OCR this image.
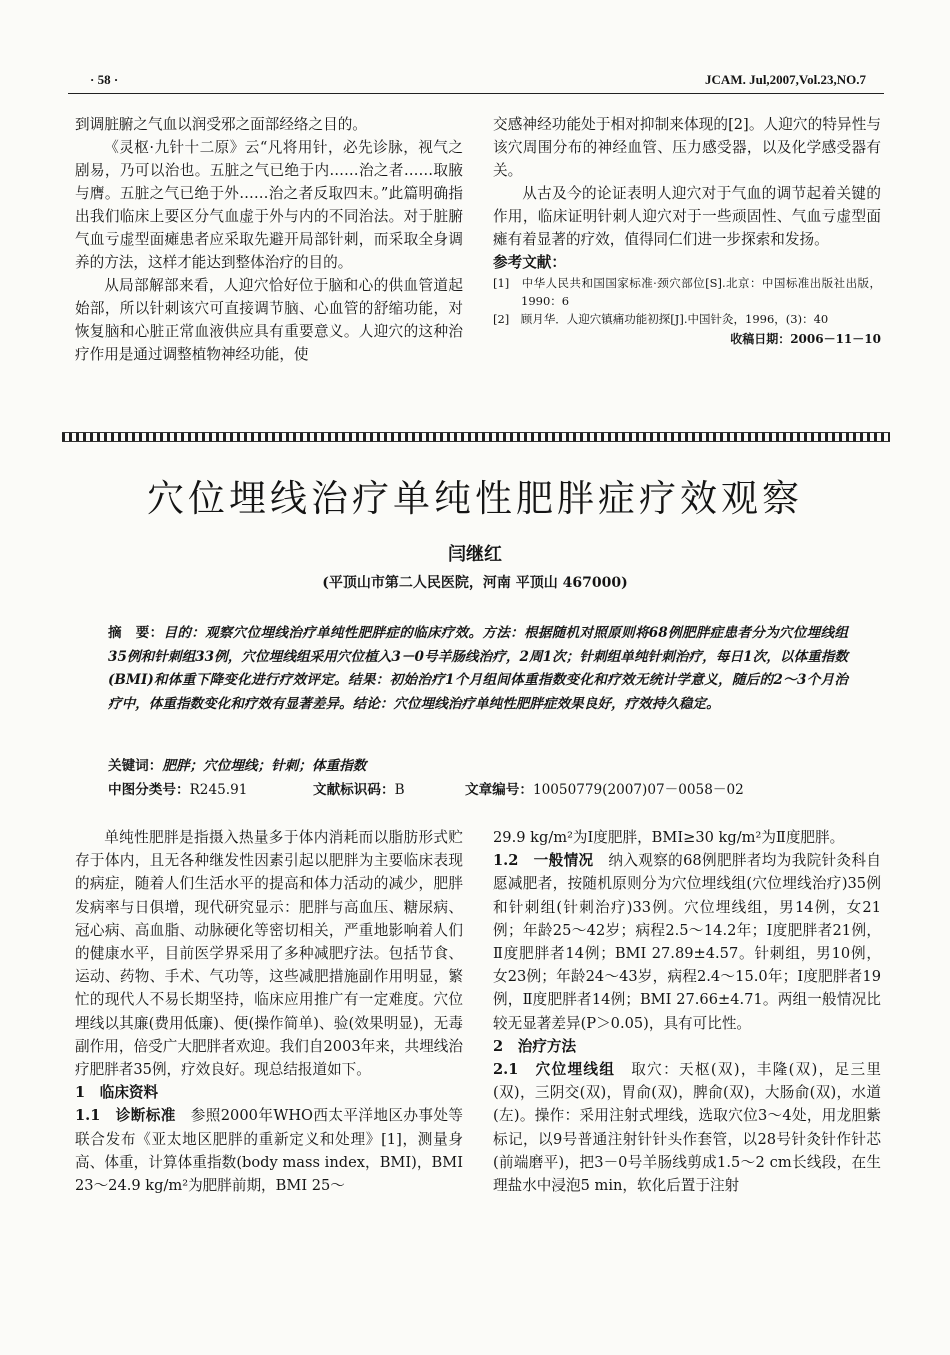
· 58 ·	JCAM. Jul,2007,Vol.23,NO.7

到调脏腑之气血以润受邪之面部经络之目的。

《灵枢·九针十二原》云“凡将用针，必先诊脉，视气之剧易，乃可以治也。五脏之气已绝于内……治之者……取腋与膺。五脏之气已绝于外……治之者反取四末。”此篇明确指出我们临床上要区分气血虚于外与内的不同治法。对于脏腑气血亏虚型面瘫患者应采取先避开局部针刺，而采取全身调养的方法，这样才能达到整体治疗的目的。

从局部解部来看，人迎穴恰好位于脑和心的供血管道起始部，所以针刺该穴可直接调节脑、心血管的舒缩功能，对恢复脑和心脏正常血液供应具有重要意义。人迎穴的这种治疗作用是通过调整植物神经功能，使

交感神经功能处于相对抑制来体现的[2]。人迎穴的特异性与该穴周围分布的神经血管、压力感受器，以及化学感受器有关。

从古及今的论证表明人迎穴对于气血的调节起着关键的作用，临床证明针刺人迎穴对于一些顽固性、气血亏虚型面瘫有着显著的疗效，值得同仁们进一步探索和发扬。

参考文献：

[1]　中华人民共和国国家标准·颈穴部位[S].北京：中国标准出版社出版，1990：6

[2]　顾月华．人迎穴镇痛功能初探[J].中国针灸，1996，(3)：40

收稿日期：2006－11－10

穴位埋线治疗单纯性肥胖症疗效观察
闫继红
(平顶山市第二人民医院，河南 平顶山 467000)
摘　要：目的：观察穴位埋线治疗单纯性肥胖症的临床疗效。方法：根据随机对照原则将68例肥胖症患者分为穴位埋线组35例和针刺组33例，穴位埋线组采用穴位植入3－0号羊肠线治疗，2周1次；针刺组单纯针刺治疗，每日1次，以体重指数(BMI)和体重下降变化进行疗效评定。结果：初始治疗1个月组间体重指数变化和疗效无统计学意义，随后的2～3个月治疗中，体重指数变化和疗效有显著差异。结论：穴位埋线治疗单纯性肥胖症效果良好，疗效持久稳定。
关键词：肥胖；穴位埋线；针刺；体重指数
中图分类号：R245.91	文献标识码：B	文章编号：10050779(2007)07－0058－02

单纯性肥胖是指摄入热量多于体内消耗而以脂肪形式贮存于体内，且无各种继发性因素引起以肥胖为主要临床表现的病症，随着人们生活水平的提高和体力活动的减少，肥胖发病率与日俱增，现代研究显示：肥胖与高血压、糖尿病、冠心病、高血脂、动脉硬化等密切相关，严重地影响着人们的健康水平，目前医学界采用了多种减肥疗法。包括节食、运动、药物、手术、气功等，这些减肥措施副作用明显，繁忙的现代人不易长期坚持，临床应用推广有一定难度。穴位埋线以其廉(费用低廉)、便(操作简单)、验(效果明显)，无毒副作用，倍受广大肥胖者欢迎。我们自2003年来，共埋线治疗肥胖者35例，疗效良好。现总结报道如下。

1　临床资料

1.1　诊断标准　 参照2000年WHO西太平洋地区办事处等联合发布《亚太地区肥胖的重新定义和处理》[1]，测量身高、体重，计算体重指数(body mass index，BMI)，BMI 23～24.9 kg/m²为肥胖前期，BMI 25～

29.9 kg/m²为Ⅰ度肥胖，BMI≥30 kg/m²为Ⅱ度肥胖。

1.2　一般情况　 纳入观察的68例肥胖者均为我院针灸科自愿减肥者，按随机原则分为穴位埋线组(穴位埋线治疗)35例和针刺组(针刺治疗)33例。穴位埋线组，男14例，女21例；年龄25～42岁；病程2.5～14.2年；Ⅰ度肥胖者21例，Ⅱ度肥胖者14例；BMI 27.89±4.57。针刺组，男10例，女23例；年龄24～43岁，病程2.4～15.0年；Ⅰ度肥胖者19例，Ⅱ度肥胖者14例；BMI 27.66±4.71。两组一般情况比较无显著差异(P＞0.05)，具有可比性。

2　治疗方法

2.1　穴位埋线组　 取穴：天枢(双)，丰隆(双)，足三里(双)，三阴交(双)，胃俞(双)，脾俞(双)，大肠俞(双)，水道(左)。操作：采用注射式埋线，选取穴位3～4处，用龙胆紫标记，以9号普通注射针针头作套管，以28号针灸针作针芯(前端磨平)，把3－0号羊肠线剪成1.5～2 cm长线段，在生理盐水中浸泡5 min，软化后置于注射
